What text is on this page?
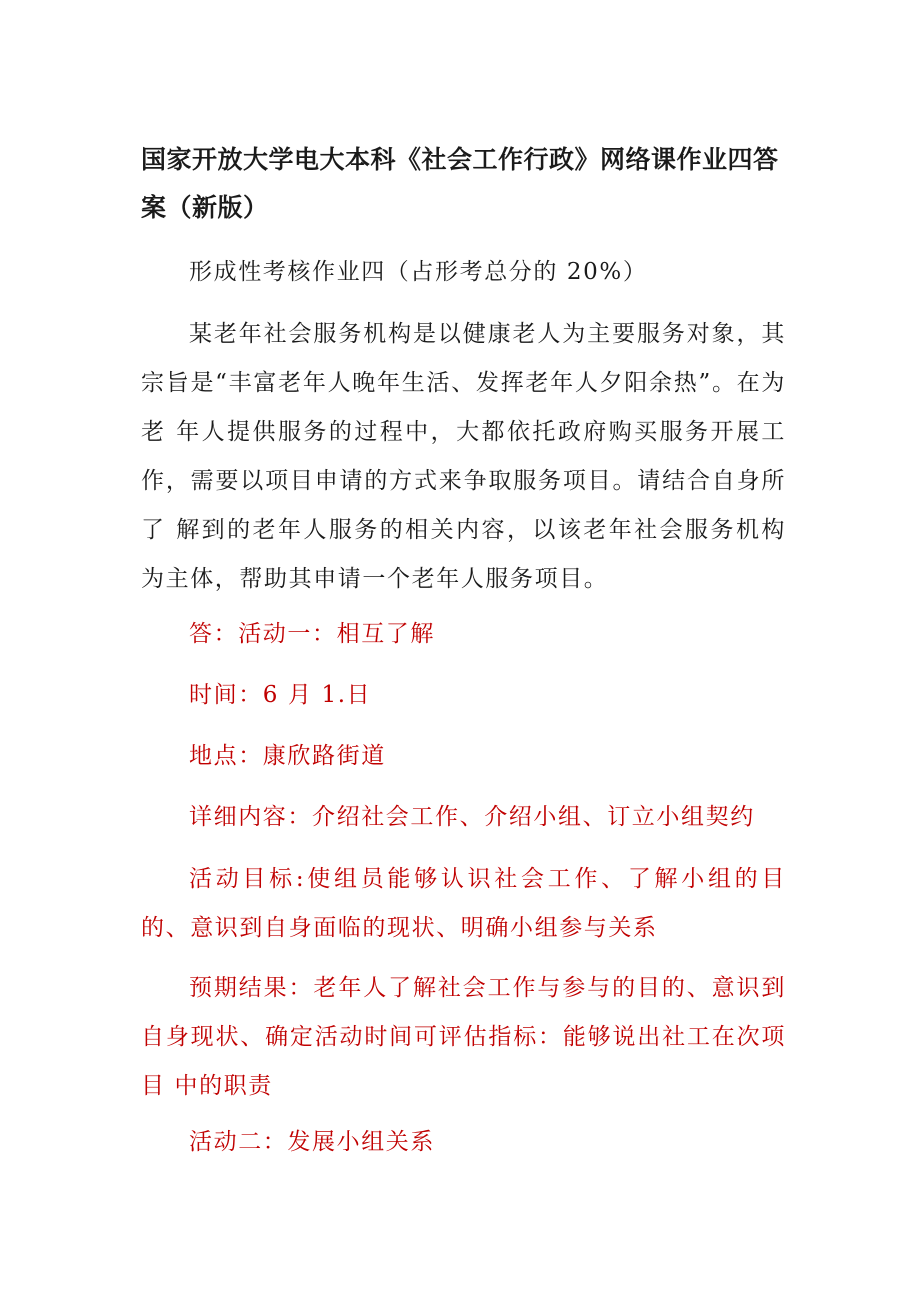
国家开放大学电大本科《社会工作行政》网络课作业四答案（新版）

形成性考核作业四（占形考总分的 20%）

某老年社会服务机构是以健康老人为主要服务对象，其宗旨是“丰富老年人晚年生活、发挥老年人夕阳余热”。在为老 年人提供服务的过程中，大都依托政府购买服务开展工作，需要以项目申请的方式来争取服务项目。请结合自身所了 解到的老年人服务的相关内容，以该老年社会服务机构为主体，帮助其申请一个老年人服务项目。

答：活动一：相互了解

时间：6 月 1.日

地点：康欣路街道

详细内容：介绍社会工作、介绍小组、订立小组契约

活动目标:使组员能够认识社会工作、了解小组的目的、意识到自身面临的现状、明确小组参与关系

预期结果：老年人了解社会工作与参与的目的、意识到自身现状、确定活动时间可评估指标：能够说出社工在次项目 中的职责

活动二：发展小组关系
